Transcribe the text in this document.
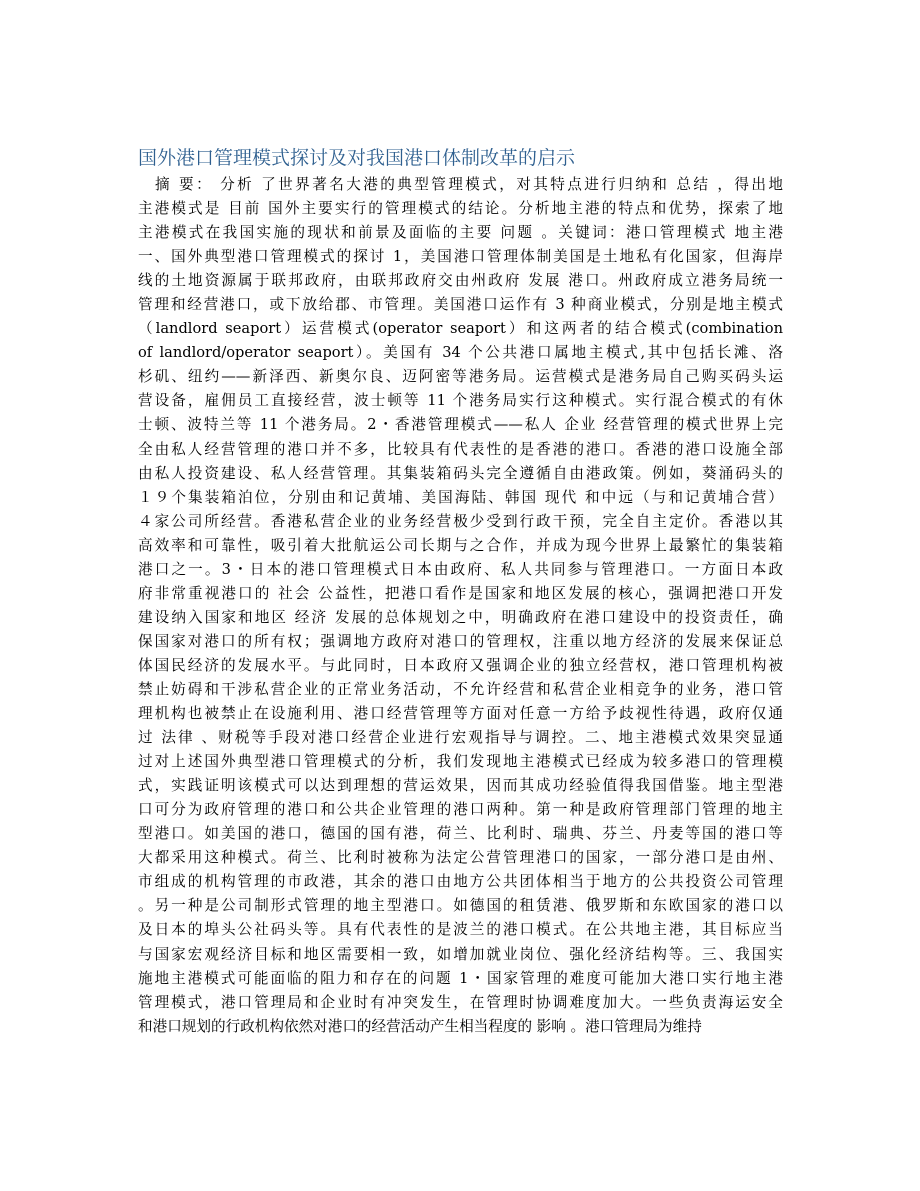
国外港口管理模式探讨及对我国港口体制改革的启示
　摘 要： 分析 了世界著名大港的典型管理模式，对其特点进行归纳和 总结 ，得出地
主港模式是 目前 国外主要实行的管理模式的结论。分析地主港的特点和优势，探索了地
主港模式在我国实施的现状和前景及面临的主要 问题 。关键词：港口管理模式 地主港
一、国外典型港口管理模式的探讨 1，美国港口管理体制美国是土地私有化国家，但海岸
线的土地资源属于联邦政府，由联邦政府交由州政府 发展 港口。州政府成立港务局统一
管理和经营港口，或下放给郡、市管理。美国港口运作有 3 种商业模式，分别是地主模式
（landlord seaport）运营模式(operator seaport）和这两者的结合模式(combination
of landlord/operator seaport）。美国有 34 个公共港口属地主模式,其中包括长滩、洛
杉矶、纽约——新泽西、新奥尔良、迈阿密等港务局。运营模式是港务局自己购买码头运
营设备，雇佣员工直接经营，波士顿等 11 个港务局实行这种模式。实行混合模式的有休
士顿、波特兰等 11 个港务局。2・香港管理模式——私人 企业 经营管理的模式世界上完
全由私人经营管理的港口并不多，比较具有代表性的是香港的港口。香港的港口设施全部
由私人投资建设、私人经营管理。其集装箱码头完全遵循自由港政策。例如，葵涌码头的
１９个集装箱泊位，分别由和记黄埔、美国海陆、韩国 现代 和中远（与和记黄埔合营）
４家公司所经营。香港私营企业的业务经营极少受到行政干预，完全自主定价。香港以其
高效率和可靠性，吸引着大批航运公司长期与之合作，并成为现今世界上最繁忙的集装箱
港口之一。3・日本的港口管理模式日本由政府、私人共同参与管理港口。一方面日本政
府非常重视港口的 社会 公益性，把港口看作是国家和地区发展的核心，强调把港口开发
建设纳入国家和地区 经济 发展的总体规划之中，明确政府在港口建设中的投资责任，确
保国家对港口的所有权；强调地方政府对港口的管理权，注重以地方经济的发展来保证总
体国民经济的发展水平。与此同时，日本政府又强调企业的独立经营权，港口管理机构被
禁止妨碍和干涉私营企业的正常业务活动，不允许经营和私营企业相竞争的业务，港口管
理机构也被禁止在设施利用、港口经营管理等方面对任意一方给予歧视性待遇，政府仅通
过 法律 、财税等手段对港口经营企业进行宏观指导与调控。二、地主港模式效果突显通
过对上述国外典型港口管理模式的分析，我们发现地主港模式已经成为较多港口的管理模
式，实践证明该模式可以达到理想的营运效果，因而其成功经验值得我国借鉴。地主型港
口可分为政府管理的港口和公共企业管理的港口两种。第一种是政府管理部门管理的地主
型港口。如美国的港口，德国的国有港，荷兰、比利时、瑞典、芬兰、丹麦等国的港口等
大都采用这种模式。荷兰、比利时被称为法定公营管理港口的国家，一部分港口是由州、
市组成的机构管理的市政港，其余的港口由地方公共团体相当于地方的公共投资公司管理
。另一种是公司制形式管理的地主型港口。如德国的租赁港、俄罗斯和东欧国家的港口以
及日本的埠头公社码头等。具有代表性的是波兰的港口模式。在公共地主港，其目标应当
与国家宏观经济目标和地区需要相一致，如增加就业岗位、强化经济结构等。三、我国实
施地主港模式可能面临的阻力和存在的问题 1・国家管理的难度可能加大港口实行地主港
管理模式，港口管理局和企业时有冲突发生，在管理时协调难度加大。一些负责海运安全
和港口规划的行政机构依然对港口的经营活动产生相当程度的 影响 。港口管理局为维持
